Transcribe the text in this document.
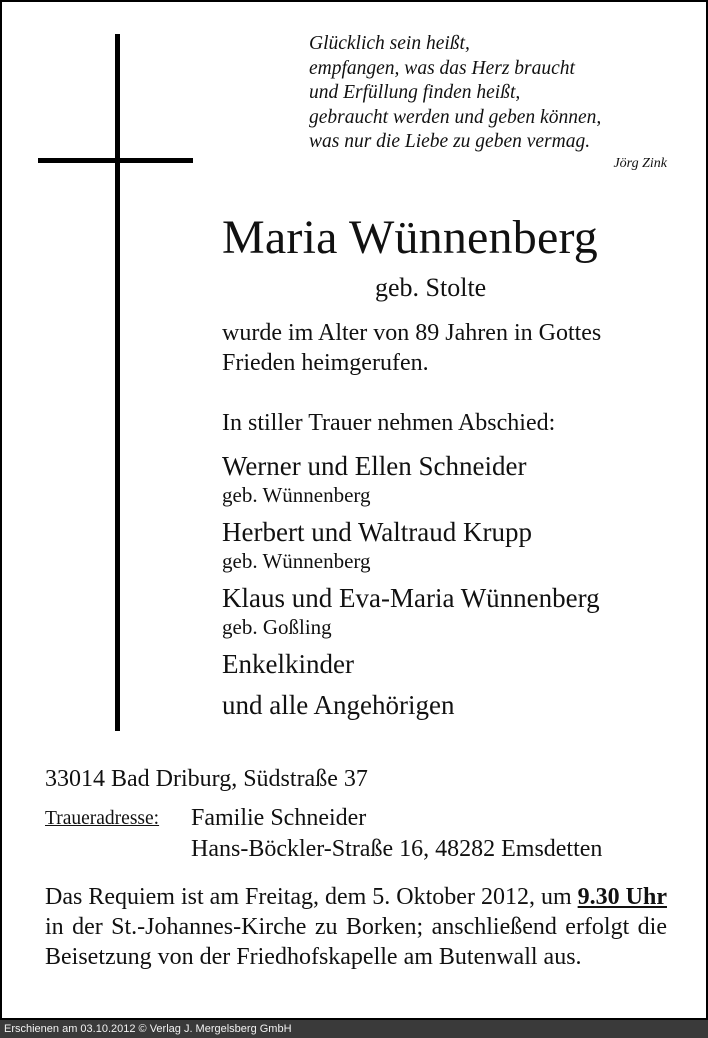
Glücklich sein heißt,
empfangen, was das Herz braucht
und Erfüllung finden heißt,
gebraucht werden und geben können,
was nur die Liebe zu geben vermag.
Jörg Zink
Maria Wünnenberg
geb. Stolte
wurde im Alter von 89 Jahren in Gottes Frieden heimgerufen.
In stiller Trauer nehmen Abschied:
Werner und Ellen Schneider
geb. Wünnenberg
Herbert und Waltraud Krupp
geb. Wünnenberg
Klaus und Eva-Maria Wünnenberg
geb. Goßling
Enkelkinder
und alle Angehörigen
33014 Bad Driburg, Südstraße 37
Traueradresse: Familie Schneider
Hans-Böckler-Straße 16, 48282 Emsdetten
Das Requiem ist am Freitag, dem 5. Oktober 2012, um 9.30 Uhr in der St.-Johannes-Kirche zu Borken; anschließend erfolgt die Beisetzung von der Friedhofskapelle am Butenwall aus.
Erschienen am 03.10.2012 © Verlag J. Mergelsberg GmbH
